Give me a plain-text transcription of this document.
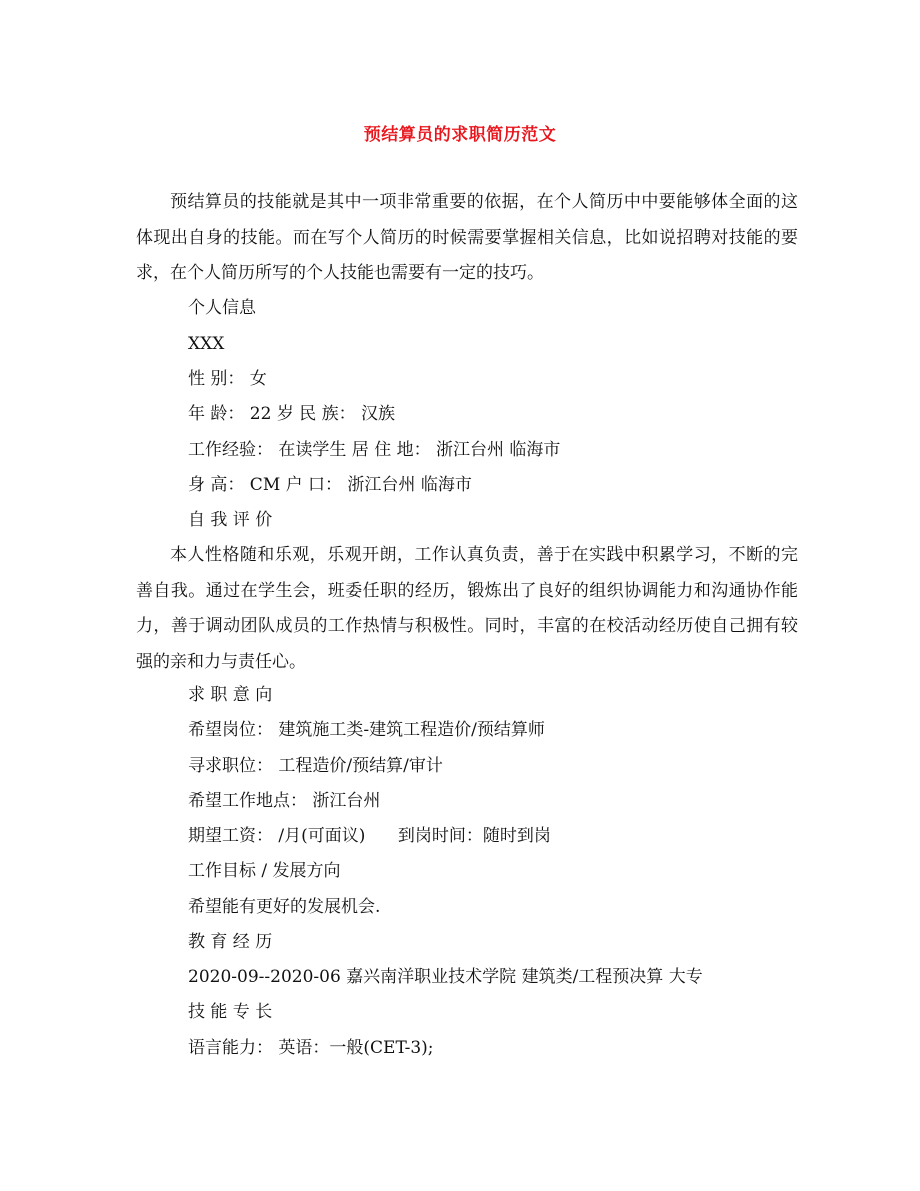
预结算员的求职简历范文

预结算员的技能就是其中一项非常重要的依据，在个人简历中中要能够体全面的这体现出自身的技能。而在写个人简历的时候需要掌握相关信息，比如说招聘对技能的要求，在个人简历所写的个人技能也需要有一定的技巧。

个人信息

XXX

性 别： 女

年 龄： 22 岁 民 族： 汉族

工作经验： 在读学生 居 住 地： 浙江台州 临海市

身 高： CM 户 口： 浙江台州 临海市

自 我 评 价

本人性格随和乐观，乐观开朗，工作认真负责，善于在实践中积累学习，不断的完善自我。通过在学生会，班委任职的经历，锻炼出了良好的组织协调能力和沟通协作能力，善于调动团队成员的工作热情与积极性。同时，丰富的在校活动经历使自己拥有较强的亲和力与责任心。

求 职 意 向

希望岗位： 建筑施工类-建筑工程造价/预结算师

寻求职位： 工程造价/预结算/审计

希望工作地点： 浙江台州

期望工资： /月(可面议)      到岗时间：随时到岗

工作目标 / 发展方向

希望能有更好的发展机会.

教 育 经 历

2020-09--2020-06 嘉兴南洋职业技术学院 建筑类/工程预决算 大专

技 能 专 长

语言能力： 英语：一般(CET-3);
